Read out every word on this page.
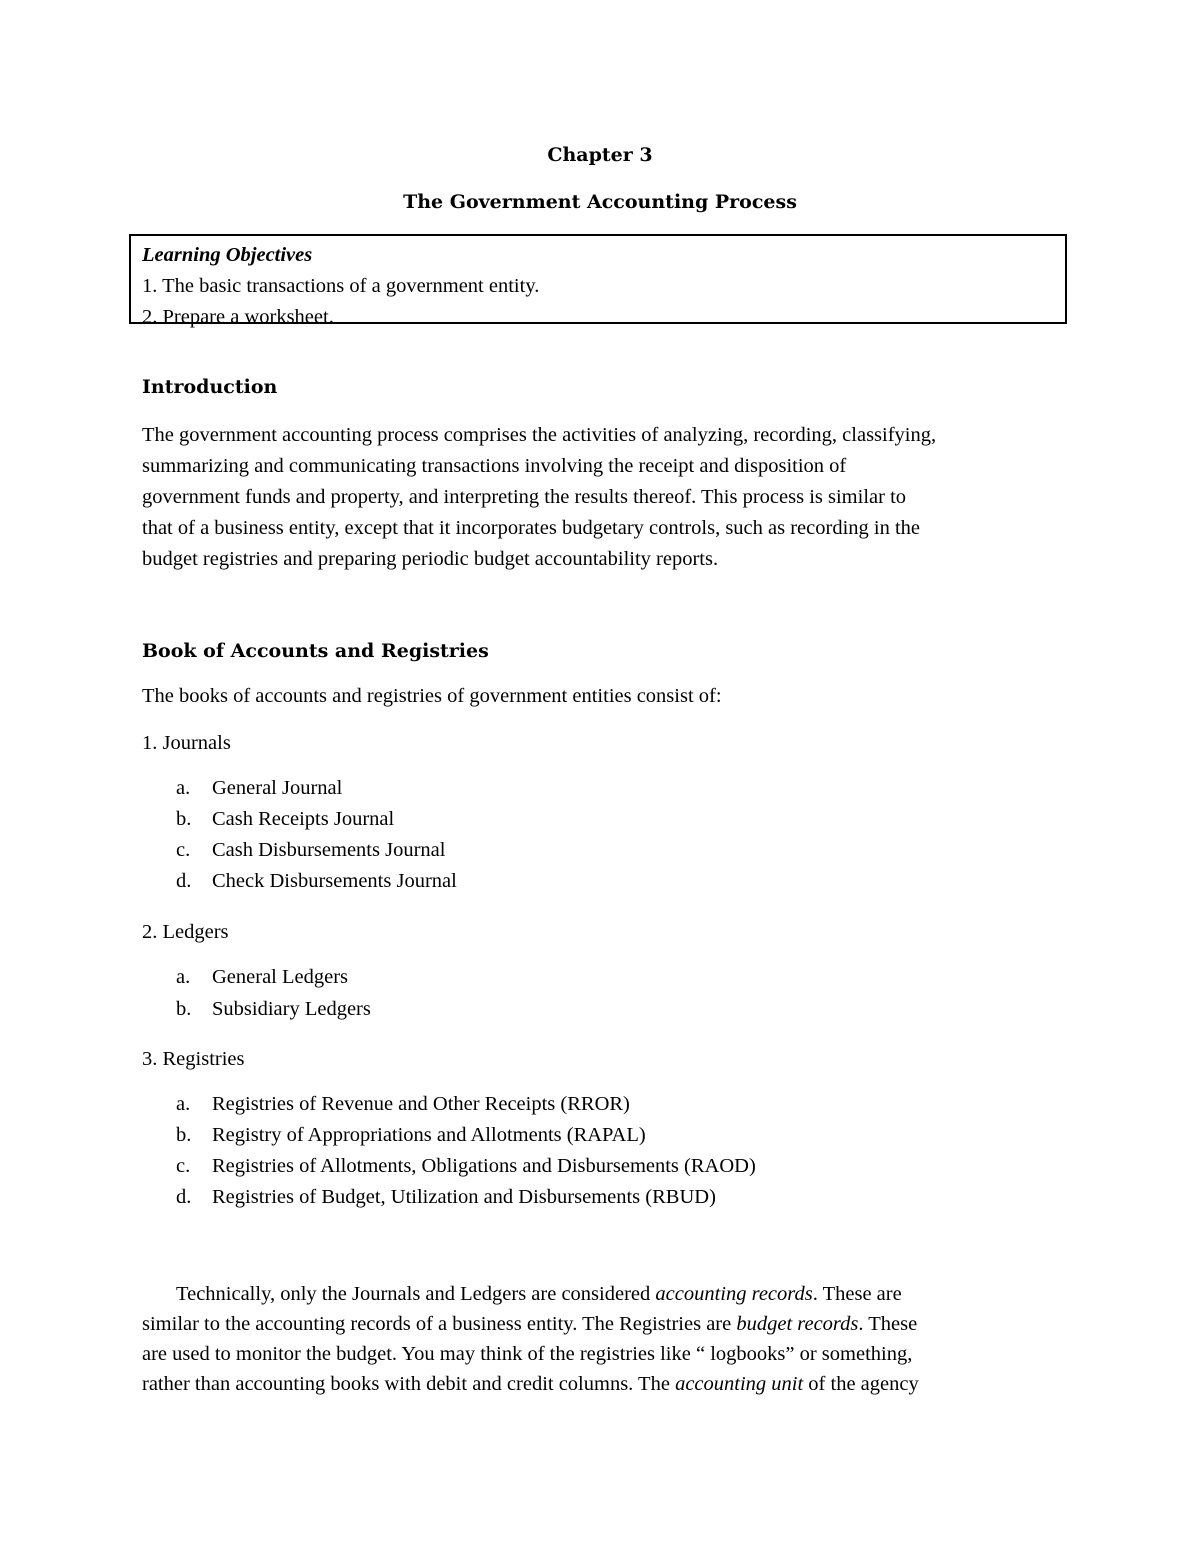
Chapter 3
The Government Accounting Process
Learning Objectives
1. The basic transactions of a government entity.
2. Prepare a worksheet.
Introduction
The government accounting process comprises the activities of analyzing, recording, classifying,
summarizing and communicating transactions involving the receipt and disposition of
government funds and property, and interpreting the results thereof. This process is similar to
that of a business entity, except that it incorporates budgetary controls, such as recording in the
budget registries and preparing periodic budget accountability reports.
Book of Accounts and Registries
The books of accounts and registries of government entities consist of:
1. Journals
a. General Journal
b. Cash Receipts Journal
c. Cash Disbursements Journal
d. Check Disbursements Journal
2. Ledgers
a. General Ledgers
b. Subsidiary Ledgers
3. Registries
a. Registries of Revenue and Other Receipts (RROR)
b. Registry of Appropriations and Allotments (RAPAL)
c. Registries of Allotments, Obligations and Disbursements (RAOD)
d. Registries of Budget, Utilization and Disbursements (RBUD)
Technically, only the Journals and Ledgers are considered accounting records. These are
similar to the accounting records of a business entity. The Registries are budget records. These
are used to monitor the budget. You may think of the registries like “ logbooks” or something,
rather than accounting books with debit and credit columns. The accounting unit of the agency
